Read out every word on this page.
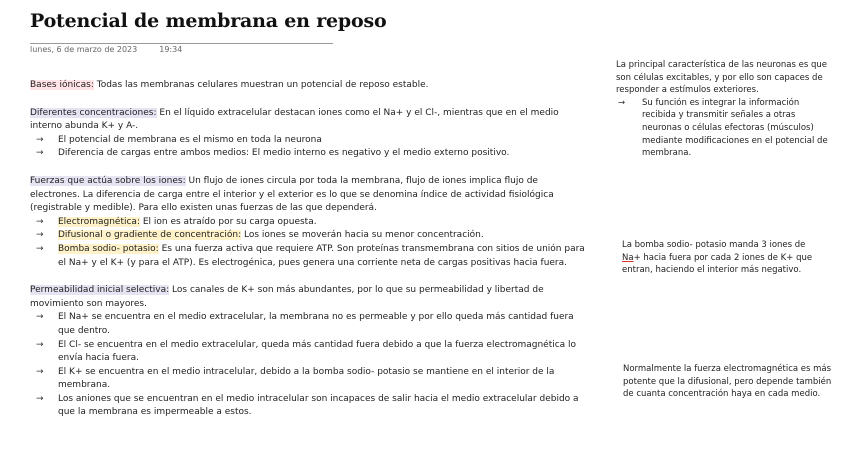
Potencial de membrana en reposo
lunes, 6 de marzo de 2023	19:34

Bases iónicas: Todas las membranas celulares muestran un potencial de reposo estable.

Diferentes concentraciones: En el líquido extracelular destacan iones como el Na+ y el Cl-, mientras que en el medio interno abunda K+ y A-.

→	El potencial de membrana es el mismo en toda la neurona
→	Diferencia de cargas entre ambos medios: El medio interno es negativo y el medio externo positivo.

Fuerzas que actúa sobre los iones: Un flujo de iones circula por toda la membrana, flujo de iones implica flujo de electrones. La diferencia de carga entre el interior y el exterior es lo que se denomina índice de actividad fisiológica (registrable y medible). Para ello existen unas fuerzas de las que dependerá.

→	Electromagnética: El ion es atraído por su carga opuesta.
→	Difusional o gradiente de concentración: Los iones se moverán hacia su menor concentración.
→	Bomba sodio- potasio: Es una fuerza activa que requiere ATP. Son proteínas transmembrana con sitios de unión para el Na+ y el K+ (y para el ATP). Es electrogénica, pues genera una corriente neta de cargas positivas hacia fuera.

Permeabilidad inicial selectiva: Los canales de K+ son más abundantes, por lo que su permeabilidad y libertad de movimiento son mayores.

→	El Na+ se encuentra en el medio extracelular, la membrana no es permeable y por ello queda más cantidad fuera que dentro.
→	El Cl- se encuentra en el medio extracelular, queda más cantidad fuera debido a que la fuerza electromagnética lo envía hacia fuera.
→	El K+ se encuentra en el medio intracelular, debido a la bomba sodio- potasio se mantiene en el interior de la membrana.
→	Los aniones que se encuentran en el medio intracelular son incapaces de salir hacia el medio extracelular debido a que la membrana es impermeable a estos.

La principal característica de las neuronas es que son células excitables, y por ello son capaces de responder a estímulos exteriores.

→	Su función es integrar la información recibida y transmitir señales a otras neuronas o células efectoras (músculos) mediante modificaciones en el potencial de membrana.

La bomba sodio- potasio manda 3 iones de Na+ hacia fuera por cada 2 iones de K+ que entran, haciendo el interior más negativo.

Normalmente la fuerza electromagnética es más potente que la difusional, pero depende también de cuanta concentración haya en cada medio.
